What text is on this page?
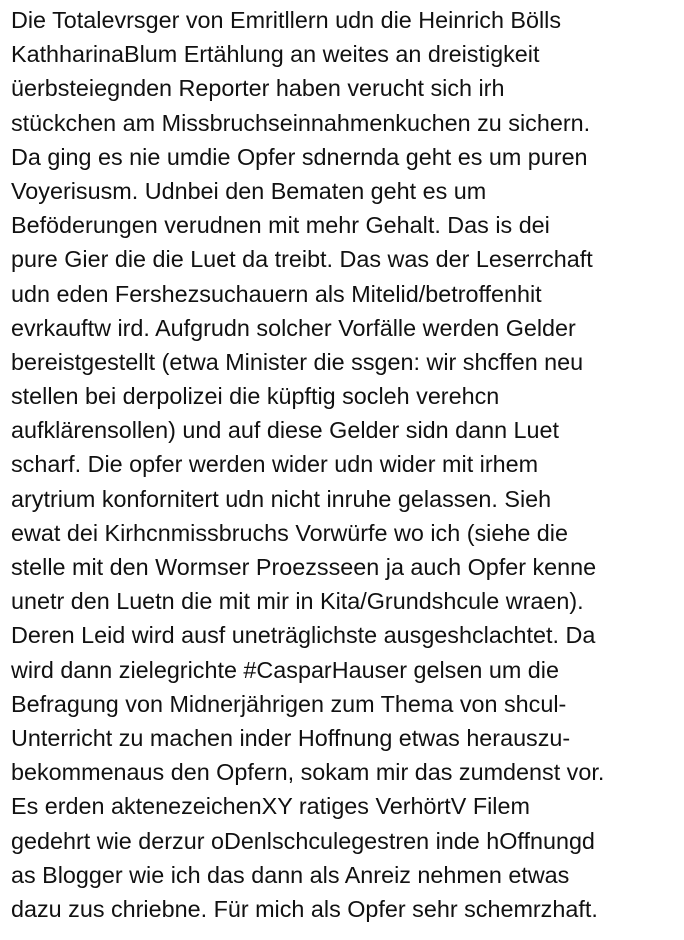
Die Totalevrsger von Emritllern udn die Heinrich Bölls
KathharinaBlum Ertählung an weites an dreistigkeit
üerbsteiegnden Reporter haben verucht sich irh
stückchen am Missbruchseinnahmenkuchen zu sichern.
Da ging es nie umdie Opfer sdnernda geht es um puren
Voyerisusm. Udnbei den Bematen geht es um
Beföderungen verudnen mit mehr Gehalt. Das is dei
pure Gier die die Luet da treibt. Das was der Leserrchaft
udn eden Fershezsuchauern als Mitelid/betroffenhit
evrkauftw ird. Aufgrudn solcher Vorfälle werden Gelder
bereistgestellt (etwa Minister die ssgen: wir shcffen neu
stellen bei derpolizei die küpftig socleh verehcn
aufklärensollen) und auf diese Gelder sidn dann Luet
scharf. Die opfer werden wider udn wider mit irhem
arytrium konfornitert udn nicht inruhe gelassen. Sieh
ewat dei Kirhcnmissbruchs Vorwürfe wo ich (siehe die
stelle mit den Wormser Proezsseen ja auch Opfer kenne
unetr den Luetn die mit mir in Kita/Grundshcule wraen).
Deren Leid wird ausf uneträglichste ausgeshclachtet. Da
wird dann zielegrichte #CasparHauser gelsen um die
Befragung von Midnerjährigen zum Thema von shcul-
Unterricht zu machen inder Hoffnung etwas herauszu-
bekommenaus den Opfern, sokam mir das zumdenst vor.
Es erden aktenezeichenXY ratiges VerhörtV Filem
gedehrt wie derzur oDenlschculegestren inde hOffnungd
as Blogger wie ich das dann als Anreiz nehmen etwas
dazu zus chriebne. Für mich als Opfer sehr schemrzhaft.
